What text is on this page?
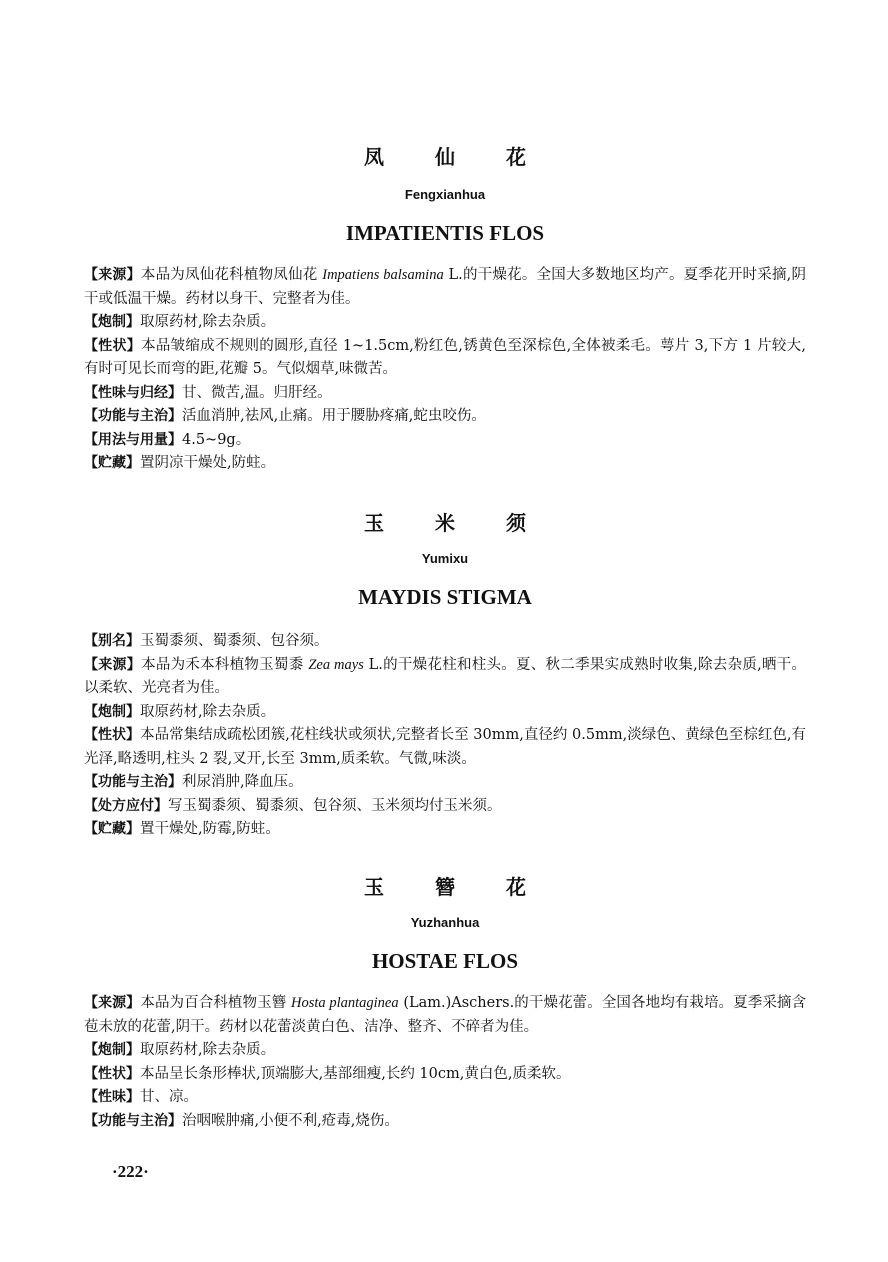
凤 仙 花

Fengxianhua

IMPATIENTIS FLOS

【来源】本品为凤仙花科植物凤仙花 Impatiens balsamina L.的干燥花。全国大多数地区均产。夏季花开时采摘,阴干或低温干燥。药材以身干、完整者为佳。

【炮制】取原药材,除去杂质。

【性状】本品皱缩成不规则的圆形,直径 1~1.5cm,粉红色,锈黄色至深棕色,全体被柔毛。萼片 3,下方 1 片较大,有时可见长而弯的距,花瓣 5。气似烟草,味微苦。

【性味与归经】甘、微苦,温。归肝经。

【功能与主治】活血消肿,祛风,止痛。用于腰胁疼痛,蛇虫咬伤。

【用法与用量】4.5~9g。

【贮藏】置阴凉干燥处,防蛀。

玉 米 须

Yumixu

MAYDIS STIGMA

【别名】玉蜀黍须、蜀黍须、包谷须。

【来源】本品为禾本科植物玉蜀黍 Zea mays L.的干燥花柱和柱头。夏、秋二季果实成熟时收集,除去杂质,晒干。以柔软、光亮者为佳。

【炮制】取原药材,除去杂质。

【性状】本品常集结成疏松团簇,花柱线状或须状,完整者长至 30mm,直径约 0.5mm,淡绿色、黄绿色至棕红色,有光泽,略透明,柱头 2 裂,叉开,长至 3mm,质柔软。气微,味淡。

【功能与主治】利尿消肿,降血压。

【处方应付】写玉蜀黍须、蜀黍须、包谷须、玉米须均付玉米须。

【贮藏】置干燥处,防霉,防蛀。

玉 簪 花

Yuzhanhua

HOSTAE FLOS

【来源】本品为百合科植物玉簪 Hosta plantaginea (Lam.)Aschers.的干燥花蕾。全国各地均有栽培。夏季采摘含苞未放的花蕾,阴干。药材以花蕾淡黄白色、洁净、整齐、不碎者为佳。

【炮制】取原药材,除去杂质。

【性状】本品呈长条形棒状,顶端膨大,基部细瘦,长约 10cm,黄白色,质柔软。

【性味】甘、凉。

【功能与主治】治咽喉肿痛,小便不利,疮毒,烧伤。

·222·
